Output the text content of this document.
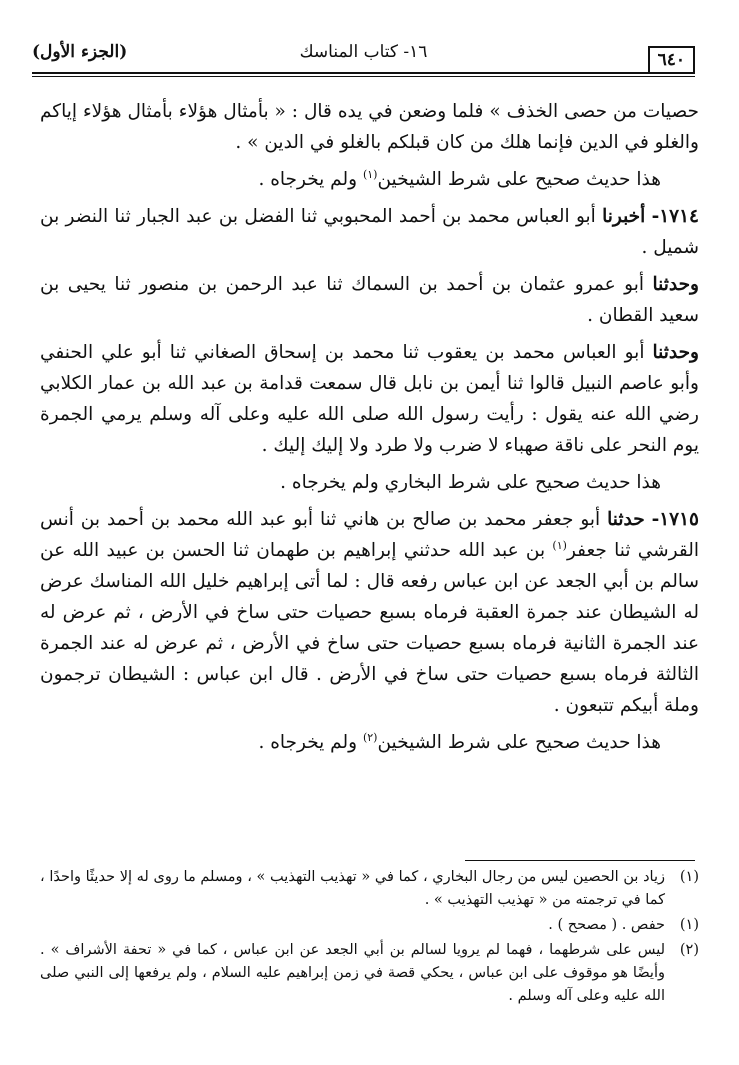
٦٤٠
١٦- كتاب المناسك
(الجزء الأول)

حصيات من حصى الخذف » فلما وضعن في يده قال : « بأمثال هؤلاء بأمثال هؤلاء إياكم والغلو في الدين فإنما هلك من كان قبلكم بالغلو في الدين » .

هذا حديث صحيح على شرط الشيخين$^{(١)}$ ولم يخرجاه .

١٧١٤- أخبرنا أبو العباس محمد بن أحمد المحبوبي ثنا الفضل بن عبد الجبار ثنا النضر بن شميل .

وحدثنا أبو عمرو عثمان بن أحمد بن السماك ثنا عبد الرحمن بن منصور ثنا يحيى بن سعيد القطان .

وحدثنا أبو العباس محمد بن يعقوب ثنا محمد بن إسحاق الصغاني ثنا أبو علي الحنفي وأبو عاصم النبيل قالوا ثنا أيمن بن نابل قال سمعت قدامة بن عبد الله بن عمار الكلابي رضي الله عنه يقول : رأيت رسول الله صلى الله عليه وعلى آله وسلم يرمي الجمرة يوم النحر على ناقة صهباء لا ضرب ولا طرد ولا إليك إليك .

هذا حديث صحيح على شرط البخاري ولم يخرجاه .

١٧١٥- حدثنا أبو جعفر محمد بن صالح بن هاني ثنا أبو عبد الله محمد بن أحمد بن أنس القرشي ثنا جعفر$^{(١)}$ بن عبد الله حدثني إبراهيم بن طهمان ثنا الحسن بن عبيد الله عن سالم بن أبي الجعد عن ابن عباس رفعه قال : لما أتى إبراهيم خليل الله المناسك عرض له الشيطان عند جمرة العقبة فرماه بسبع حصيات حتى ساخ في الأرض ، ثم عرض له عند الجمرة الثانية فرماه بسبع حصيات حتى ساخ في الأرض ، ثم عرض له عند الجمرة الثالثة فرماه بسبع حصيات حتى ساخ في الأرض . قال ابن عباس : الشيطان ترجمون وملة أبيكم تتبعون .

هذا حديث صحيح على شرط الشيخين$^{(٢)}$ ولم يخرجاه .

(١)
زياد بن الحصين ليس من رجال البخاري ، كما في « تهذيب التهذيب » ، ومسلم ما روى له إلا حديثًا واحدًا ، كما في ترجمته من « تهذيب التهذيب » .
(١)
حفص . ( مصحح ) .
(٢)
ليس على شرطهما ، فهما لم يرويا لسالم بن أبي الجعد عن ابن عباس ، كما في « تحفة الأشراف » . وأيضًا هو موقوف على ابن عباس ، يحكي قصة في زمن إبراهيم عليه السلام ، ولم يرفعها إلى النبي صلى الله عليه وعلى آله وسلم .
